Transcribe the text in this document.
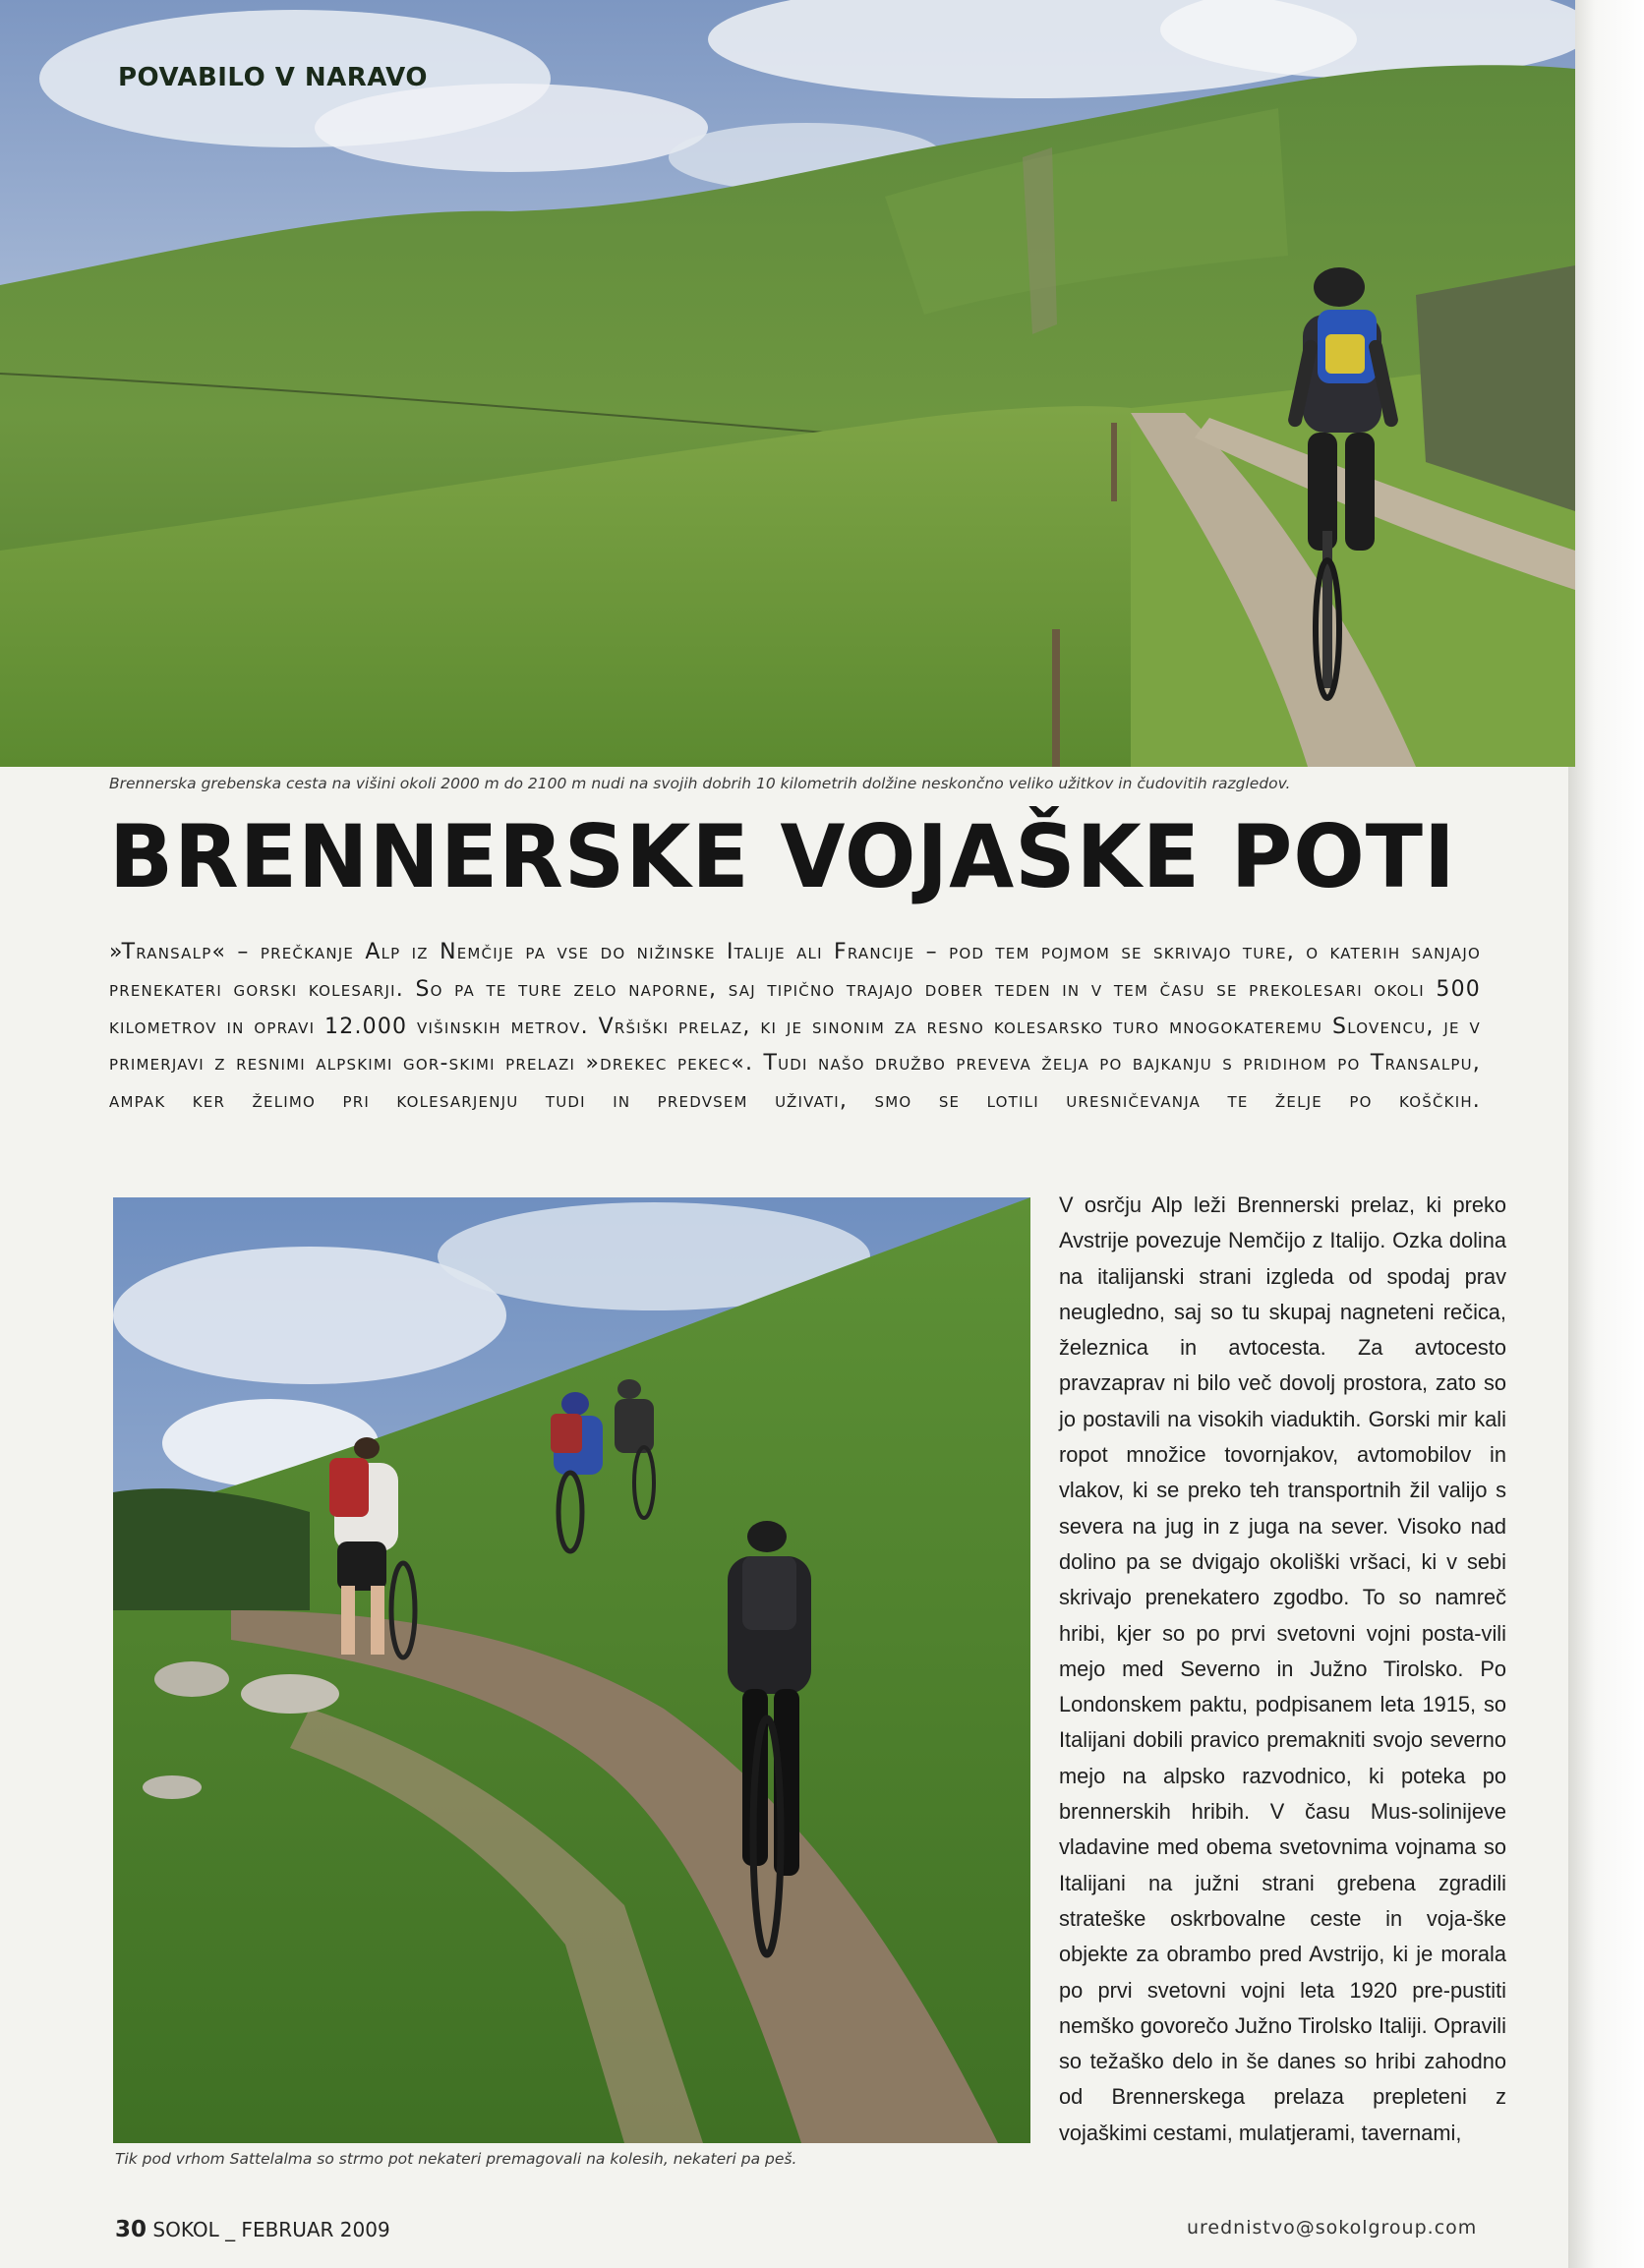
POVABILO V NARAVO
Brennerska grebenska cesta na višini okoli 2000 m do 2100 m nudi na svojih dobrih 10 kilometrih dolžine neskončno veliko užitkov in čudovitih razgledov.
BRENNERSKE VOJAŠKE POTI

»Transalp« – prečkanje Alp iz Nemčije pa vse do nižinske Italije ali Francije – pod tem pojmom se skrivajo ture, o katerih sanjajo prenekateri gorski kolesarji. So pa te ture zelo naporne, saj tipično trajajo dober teden in v tem času se prekolesari okoli 500 kilometrov in opravi 12.000 višinskih metrov. Vršiški prelaz, ki je sinonim za resno kolesarsko turo mnogokateremu Slovencu, je v primerjavi z resnimi alpskimi gor-skimi prelazi »drekec pekec«. Tudi našo družbo preveva želja po bajkanju s pridihom po Transalpu, ampak ker želimo pri kolesarjenju tudi in predvsem uživati, smo se lotili uresničevanja te želje po koščkih.

Tik pod vrhom Sattelalma so strmo pot nekateri premagovali na kolesih, nekateri pa peš.

V osrčju Alp leži Brennerski prelaz, ki preko Avstrije povezuje Nemčijo z Italijo. Ozka dolina na italijanski strani izgleda od spodaj prav neugledno, saj so tu skupaj nagneteni rečica, železnica in avtocesta. Za avtocesto pravzaprav ni bilo več dovolj prostora, zato so jo postavili na visokih viaduktih. Gorski mir kali ropot množice tovornjakov, avtomobilov in vlakov, ki se preko teh transportnih žil valijo s severa na jug in z juga na sever. Visoko nad dolino pa se dvigajo okoliški vršaci, ki v sebi skrivajo prenekatero zgodbo. To so namreč hribi, kjer so po prvi svetovni vojni posta-vili mejo med Severno in Južno Tirolsko. Po Londonskem paktu, podpisanem leta 1915, so Italijani dobili pravico premakniti svojo severno mejo na alpsko razvodnico, ki poteka po brennerskih hribih. V času Mus-solinijeve vladavine med obema svetovnima vojnama so Italijani na južni strani grebena zgradili strateške oskrbovalne ceste in voja-ške objekte za obrambo pred Avstrijo, ki je morala po prvi svetovni vojni leta 1920 pre-pustiti nemško govorečo Južno Tirolsko Italiji. Opravili so težaško delo in še danes so hribi zahodno od Brennerskega prelaza prepleteni z vojaškimi cestami, mulatjerami, tavernami,

30 SOKOL _ FEBRUAR 2009	urednistvo@sokolgroup.com
